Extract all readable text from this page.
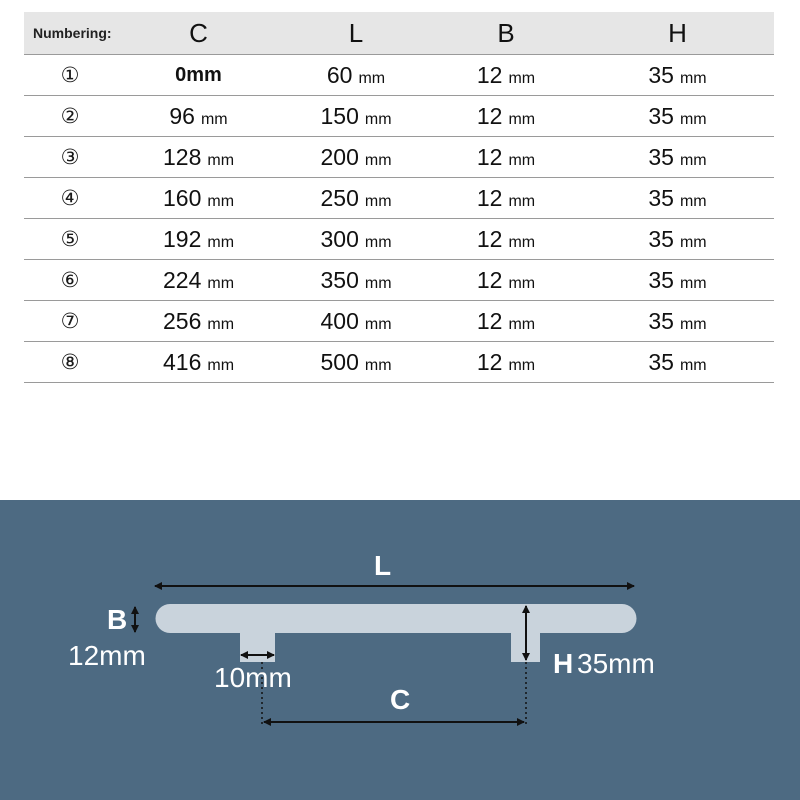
Numbering:	C	L	B	H
①	0mm	60 mm	12 mm	35 mm
②	96 mm	150 mm	12 mm	35 mm
③	128 mm	200 mm	12 mm	35 mm
④	160 mm	250 mm	12 mm	35 mm
⑤	192 mm	300 mm	12 mm	35 mm
⑥	224 mm	350 mm	12 mm	35 mm
⑦	256 mm	400 mm	12 mm	35 mm
⑧	416 mm	500 mm	12 mm	35 mm
L
B
12mm
10mm	H 35mm
C
